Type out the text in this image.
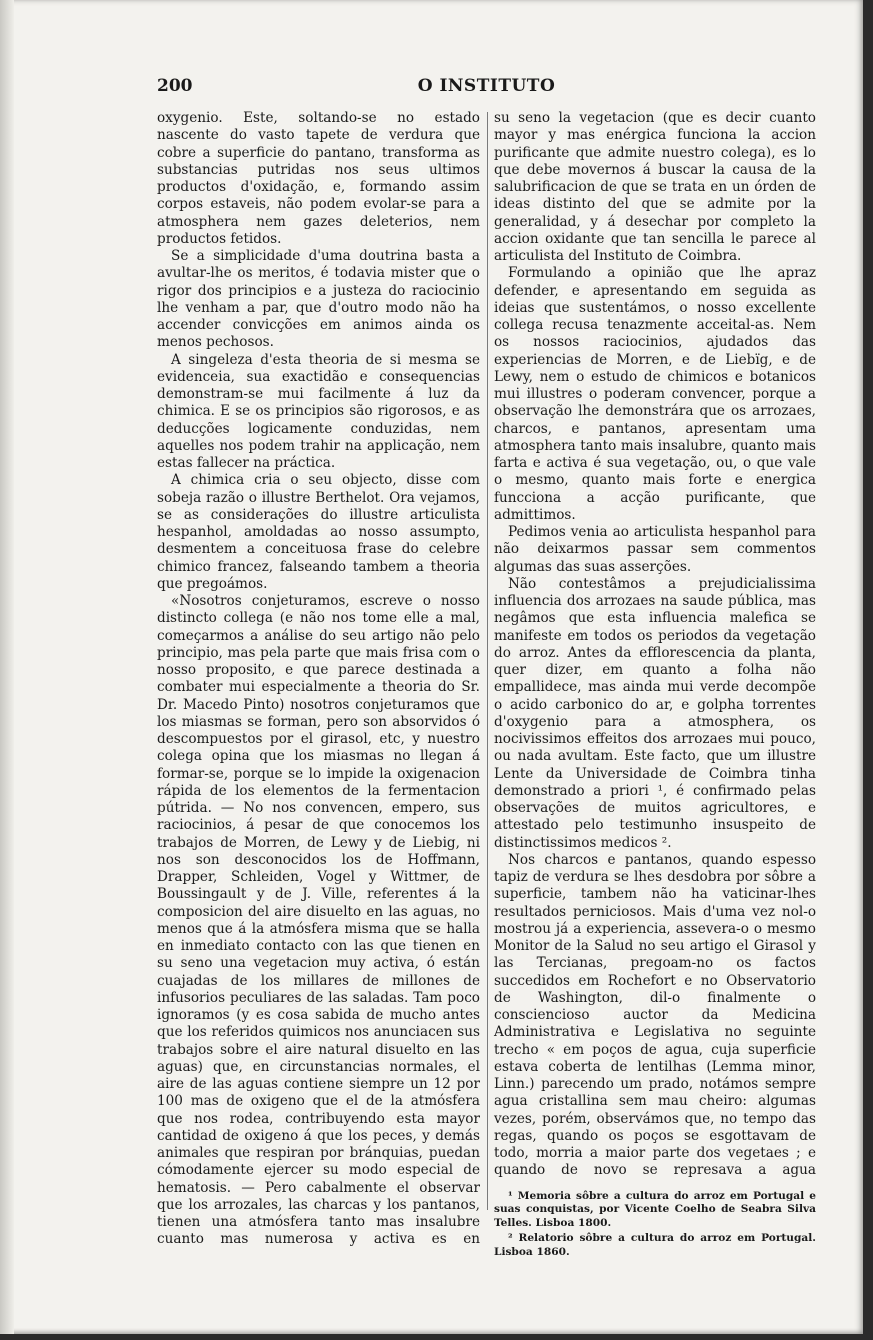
200	O INSTITUTO

oxygenio. Este, soltando-se no estado nascente do vasto tapete de verdura que cobre a superficie do pantano, transforma as substancias putridas nos seus ultimos productos d'oxidação, e, formando assim corpos estaveis, não podem evolar-se para a atmosphera nem gazes deleterios, nem productos fetidos.

Se a simplicidade d'uma doutrina basta a avultar-lhe os meritos, é todavia mister que o rigor dos principios e a justeza do raciocinio lhe venham a par, que d'outro modo não ha accender convicções em animos ainda os menos pechosos.

A singeleza d'esta theoria de si mesma se evidenceia, sua exactidão e consequencias demonstram-se mui facilmente á luz da chimica. E se os principios são rigorosos, e as deducções logicamente conduzidas, nem aquelles nos podem trahir na applicação, nem estas fallecer na práctica.

A chimica cria o seu objecto, disse com sobeja razão o illustre Berthelot. Ora vejamos, se as considerações do illustre articulista hespanhol, amoldadas ao nosso assumpto, desmentem a conceituosa frase do celebre chimico francez, falseando tambem a theoria que pregoámos.

«Nosotros conjeturamos, escreve o nosso distincto collega (e não nos tome elle a mal, começarmos a análise do seu artigo não pelo principio, mas pela parte que mais frisa com o nosso proposito, e que parece destinada a combater mui especialmente a theoria do Sr. Dr. Macedo Pinto) nosotros conjeturamos que los miasmas se forman, pero son absorvidos ó descompuestos por el girasol, etc, y nuestro colega opina que los miasmas no llegan á formar-se, porque se lo impide la oxigenacion rápida de los elementos de la fermentacion pútrida. — No nos convencen, empero, sus raciocinios, á pesar de que conocemos los trabajos de Morren, de Lewy y de Liebig, ni nos son desconocidos los de Hoffmann, Drapper, Schleiden, Vogel y Wittmer, de Boussingault y de J. Ville, referentes á la composicion del aire disuelto en las aguas, no menos que á la atmósfera misma que se halla en inmediato contacto con las que tienen en su seno una vegetacion muy activa, ó están cuajadas de los millares de millones de infusorios peculiares de las saladas. Tam poco ignoramos (y es cosa sabida de mucho antes que los referidos quimicos nos anunciacen sus trabajos sobre el aire natural disuelto en las aguas) que, en circunstancias normales, el aire de las aguas contiene siempre un 12 por 100 mas de oxigeno que el de la atmósfera que nos rodea, contribuyendo esta mayor cantidad de oxigeno á que los peces, y demás animales que respiran por bránquias, puedan cómodamente ejercer su modo especial de hematosis. — Pero cabalmente el observar que los arrozales, las charcas y los pantanos, tienen una atmósfera tanto mas insalubre cuanto mas numerosa y activa es en

su seno la vegetacion (que es decir cuanto mayor y mas enérgica funciona la accion purificante que admite nuestro colega), es lo que debe movernos á buscar la causa de la salubrificacion de que se trata en un órden de ideas distinto del que se admite por la generalidad, y á desechar por completo la accion oxidante que tan sencilla le parece al articulista del Instituto de Coimbra.

Formulando a opinião que lhe apraz defender, e apresentando em seguida as ideias que sustentámos, o nosso excellente collega recusa tenazmente acceital-as. Nem os nossos raciocinios, ajudados das experiencias de Morren, e de Liebïg, e de Lewy, nem o estudo de chimicos e botanicos mui illustres o poderam convencer, porque a observação lhe demonstrára que os arrozaes, charcos, e pantanos, apresentam uma atmosphera tanto mais insalubre, quanto mais farta e activa é sua vegetação, ou, o que vale o mesmo, quanto mais forte e energica funcciona a acção purificante, que admittimos.

Pedimos venia ao articulista hespanhol para não deixarmos passar sem commentos algumas das suas asserções.

Não contestâmos a prejudicialissima influencia dos arrozaes na saude pública, mas negâmos que esta influencia malefica se manifeste em todos os periodos da vegetação do arroz. Antes da efflorescencia da planta, quer dizer, em quanto a folha não empallidece, mas ainda mui verde decompõe o acido carbonico do ar, e golpha torrentes d'oxygenio para a atmosphera, os nocivissimos effeitos dos arrozaes mui pouco, ou nada avultam. Este facto, que um illustre Lente da Universidade de Coimbra tinha demonstrado a priori ¹, é confirmado pelas observações de muitos agricultores, e attestado pelo testimunho insuspeito de distinctissimos medicos ².

Nos charcos e pantanos, quando espesso tapiz de verdura se lhes desdobra por sôbre a superficie, tambem não ha vaticinar-lhes resultados perniciosos. Mais d'uma vez nol-o mostrou já a experiencia, assevera-o o mesmo Monitor de la Salud no seu artigo el Girasol y las Tercianas, pregoam-no os factos succedidos em Rochefort e no Observatorio de Washington, dil-o finalmente o consciencioso auctor da Medicina Administrativa e Legislativa no seguinte trecho « em poços de agua, cuja superficie estava coberta de lentilhas (Lemma minor, Linn.) parecendo um prado, notámos sempre agua cristallina sem mau cheiro: algumas vezes, porém, observámos que, no tempo das regas, quando os poços se esgottavam de todo, morria a maior parte dos vegetaes ; e quando de novo se represava a agua

¹ Memoria sôbre a cultura do arroz em Portugal e suas conquistas, por Vicente Coelho de Seabra Silva Telles. Lisboa 1800.

² Relatorio sôbre a cultura do arroz em Portugal. Lisboa 1860.
